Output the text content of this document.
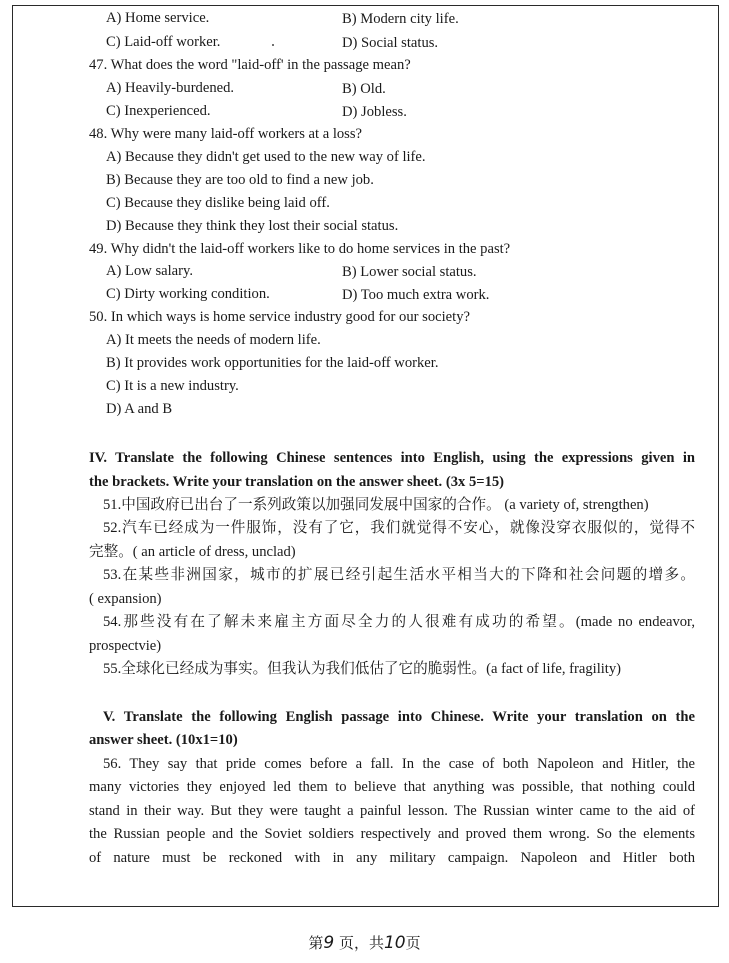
A) Home service.	B) Modern city life.
C) Laid-off worker.	D) Social status.
47. What does the word "laid-off' in the passage mean?
A) Heavily-burdened.	B) Old.
C) Inexperienced.	D) Jobless.
48. Why were many laid-off workers at a loss?
A) Because they didn't get used to the new way of life.
B) Because they are too old to find a new job.
C) Because they dislike being laid off.
D) Because they think they lost their social status.
49. Why didn't the laid-off workers like to do home services in the past?
A) Low salary.	B) Lower social status.
C) Dirty working condition.	D) Too much extra work.
50. In which ways is home service industry good for our society?
A) It meets the needs of modern life.
B) It provides work opportunities for the laid-off worker.
C) It is a new industry.
D) A and B
IV. Translate the following Chinese sentences into English, using the expressions given in
the brackets. Write your translation on the answer sheet. (3x 5=15)
51.中国政府已出台了一系列政策以加强同发展中国家的合作。 (a variety of, strengthen)
52.汽车已经成为一件服饰，没有了它，我们就觉得不安心，就像没穿衣服似的，觉得不
完整。( an article of dress, unclad)
53.在某些非洲国家，城市的扩展已经引起生活水平相当大的下降和社会问题的增多。
( expansion)
54.那些没有在了解未来雇主方面尽全力的人很难有成功的希望。(made no endeavor,
prospectvie)
55.全球化已经成为事实。但我认为我们低估了它的脆弱性。(a fact of life, fragility)
V. Translate the following English passage into Chinese. Write your translation on the
answer sheet. (10x1=10)
56. They say that pride comes before a fall. In the case of both Napoleon and Hitler, the
many victories they enjoyed led them to believe that anything was possible, that nothing could
stand in their way. But they were taught a painful lesson. The Russian winter came to the aid of
the Russian people and the Soviet soldiers respectively and proved them wrong. So the elements
of nature must be reckoned with in any military campaign. Napoleon and Hitler both
第9 页，共10页
